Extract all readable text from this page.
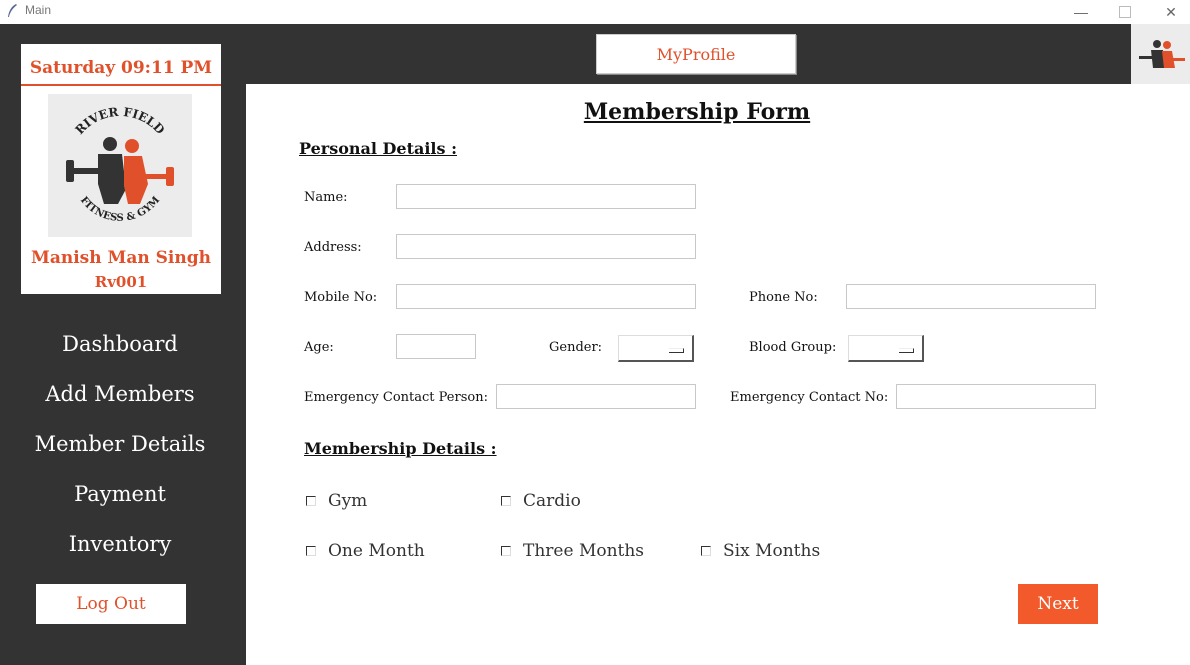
Main	—	✕
Saturday 09:11 PM
RIVER FIELD
FITNESS & GYM
Manish Man Singh
Rv001
Dashboard
Add Members
Member Details
Payment
Inventory
Log Out
MyProfile
Membership Form
Personal Details :
Name:
Address:
Mobile No:	Phone No:
Age:	Gender:	Blood Group:
Emergency Contact Person:	Emergency Contact No:
Membership Details :
Gym	Cardio
One Month	Three Months	Six Months
Next
